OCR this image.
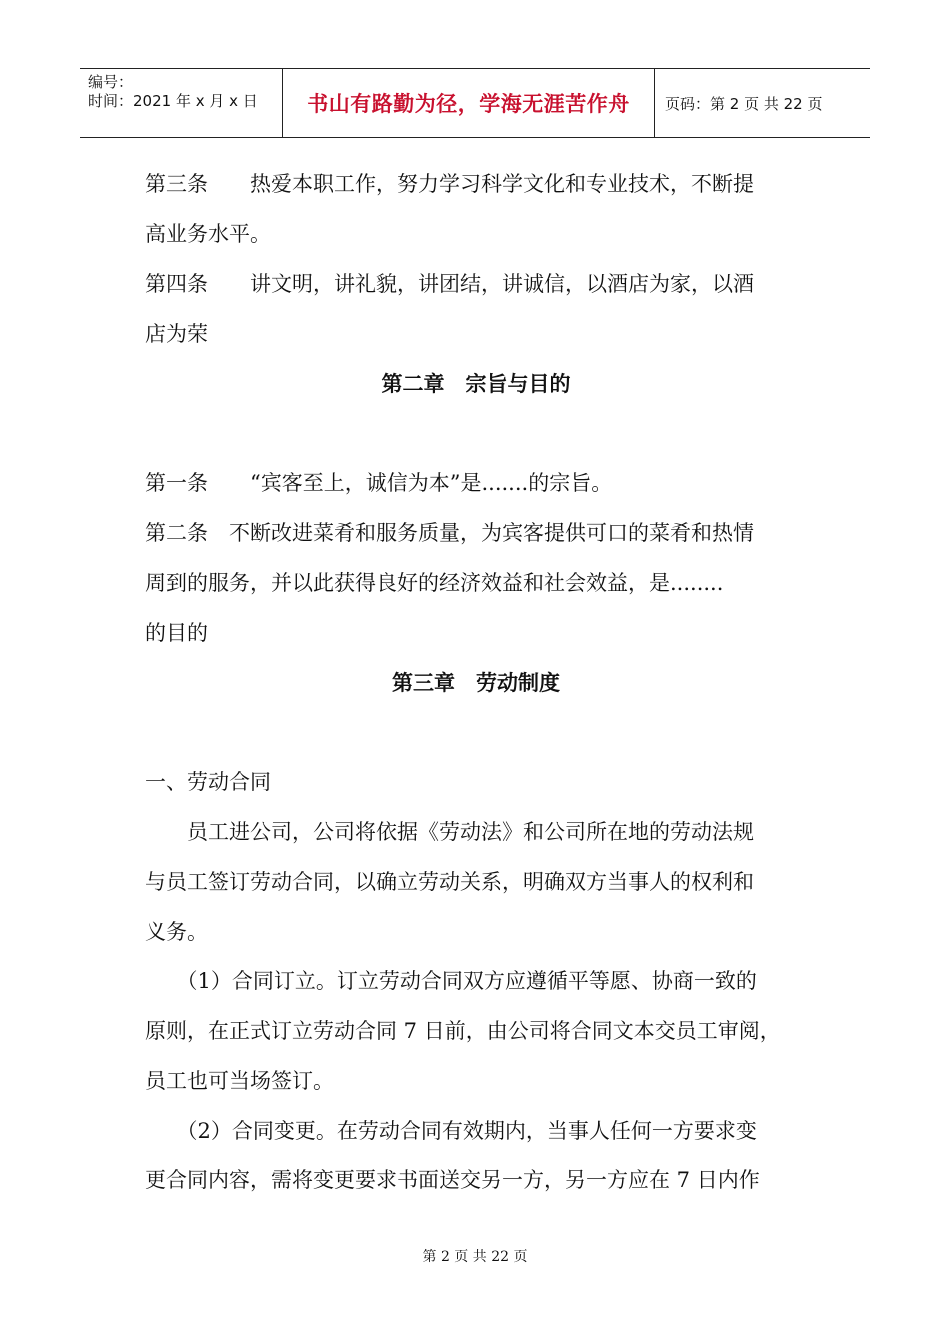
编号：
时间：2021 年 x 月 x 日	书山有路勤为径，学海无涯苦作舟 页码：第 2 页 共 22 页
第三条　　热爱本职工作，努力学习科学文化和专业技术，不断提
高业务水平。
第四条　　讲文明，讲礼貌，讲团结，讲诚信，以酒店为家，以酒
店为荣
第二章　宗旨与目的
第一条　　“宾客至上，诚信为本”是.......的宗旨。
第二条　不断改进菜肴和服务质量，为宾客提供可口的菜肴和热情
周到的服务，并以此获得良好的经济效益和社会效益，是........
的目的
第三章　劳动制度
一、劳动合同
　　员工进公司，公司将依据《劳动法》和公司所在地的劳动法规
与员工签订劳动合同，以确立劳动关系，明确双方当事人的权利和
义务。
　　（1）合同订立。订立劳动合同双方应遵循平等愿、协商一致的
原则，在正式订立劳动合同 7 日前，由公司将合同文本交员工审阅，
员工也可当场签订。
　　（2）合同变更。在劳动合同有效期内，当事人任何一方要求变
更合同内容，需将变更要求书面送交另一方，另一方应在 7 日内作
第 2 页 共 22 页
